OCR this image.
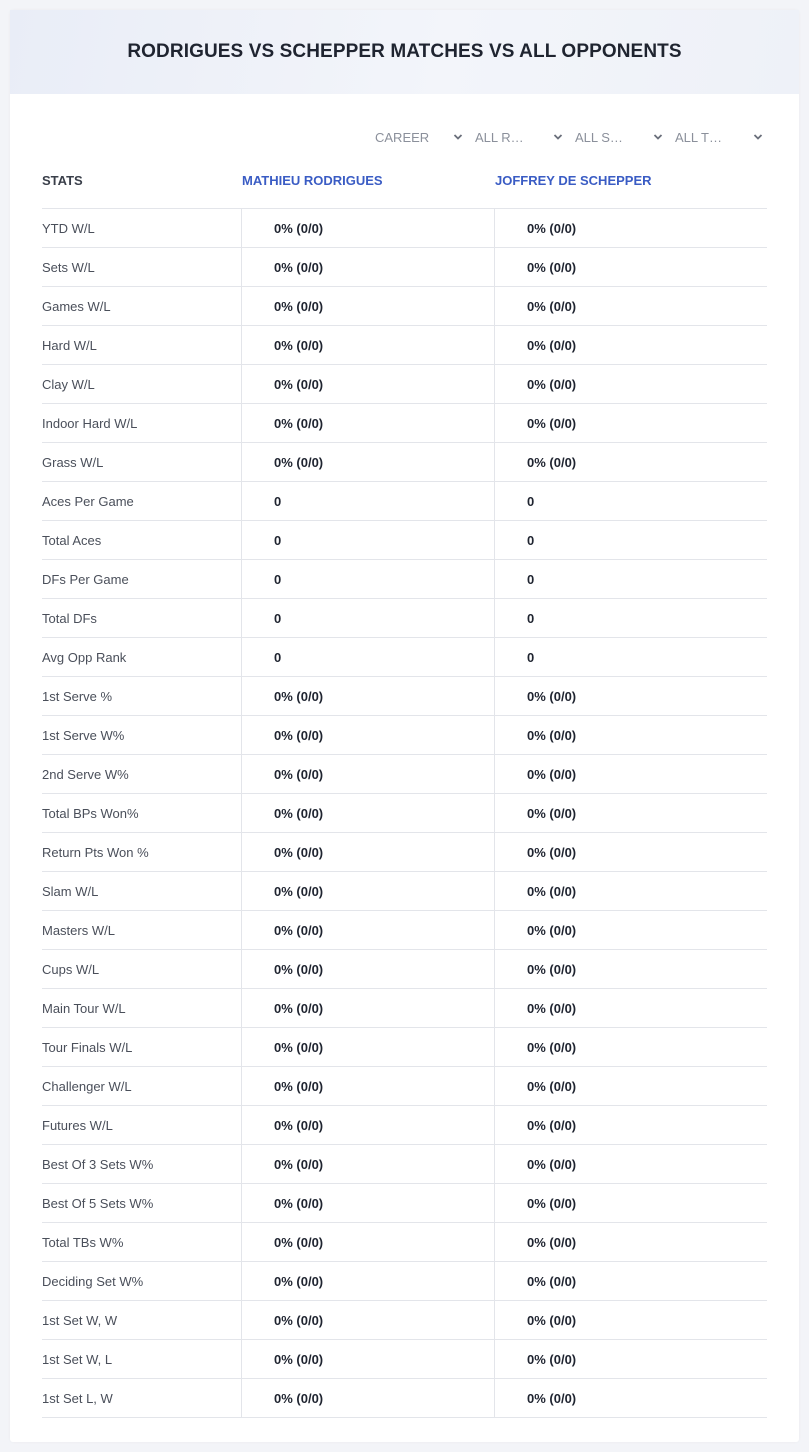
RODRIGUES VS SCHEPPER MATCHES VS ALL OPPONENTS
CAREER	ALL R…	ALL S…	ALL T…
STATS	MATHIEU RODRIGUES	JOFFREY DE SCHEPPER
YTD W/L	0% (0/0)	0% (0/0)
Sets W/L	0% (0/0)	0% (0/0)
Games W/L	0% (0/0)	0% (0/0)
Hard W/L	0% (0/0)	0% (0/0)
Clay W/L	0% (0/0)	0% (0/0)
Indoor Hard W/L	0% (0/0)	0% (0/0)
Grass W/L	0% (0/0)	0% (0/0)
Aces Per Game	0	0
Total Aces	0	0
DFs Per Game	0	0
Total DFs	0	0
Avg Opp Rank	0	0
1st Serve %	0% (0/0)	0% (0/0)
1st Serve W%	0% (0/0)	0% (0/0)
2nd Serve W%	0% (0/0)	0% (0/0)
Total BPs Won%	0% (0/0)	0% (0/0)
Return Pts Won %	0% (0/0)	0% (0/0)
Slam W/L	0% (0/0)	0% (0/0)
Masters W/L	0% (0/0)	0% (0/0)
Cups W/L	0% (0/0)	0% (0/0)
Main Tour W/L	0% (0/0)	0% (0/0)
Tour Finals W/L	0% (0/0)	0% (0/0)
Challenger W/L	0% (0/0)	0% (0/0)
Futures W/L	0% (0/0)	0% (0/0)
Best Of 3 Sets W%	0% (0/0)	0% (0/0)
Best Of 5 Sets W%	0% (0/0)	0% (0/0)
Total TBs W%	0% (0/0)	0% (0/0)
Deciding Set W%	0% (0/0)	0% (0/0)
1st Set W, W	0% (0/0)	0% (0/0)
1st Set W, L	0% (0/0)	0% (0/0)
1st Set L, W	0% (0/0)	0% (0/0)
